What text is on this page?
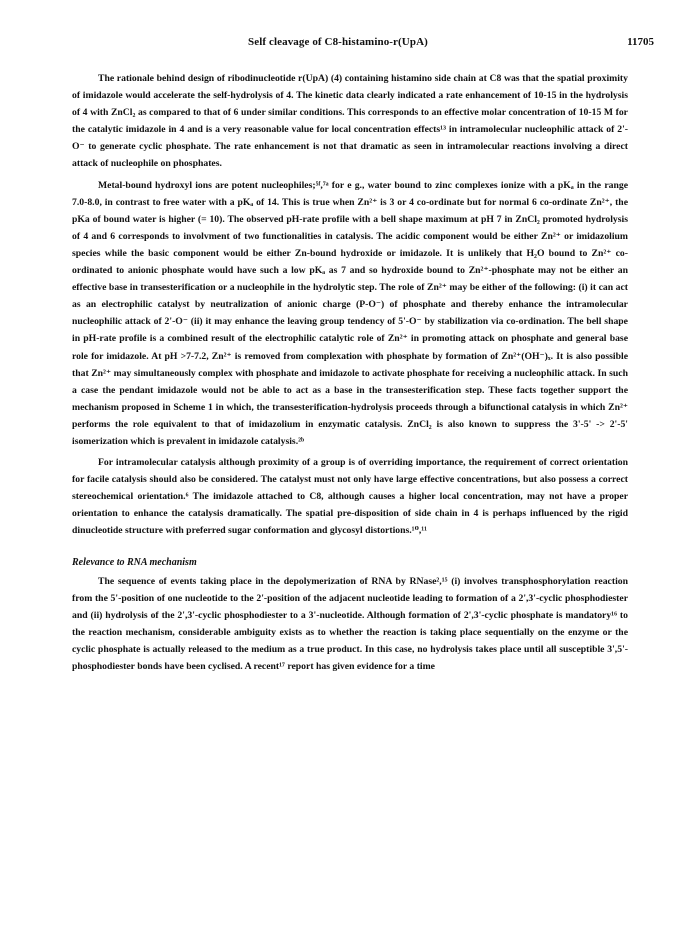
Self cleavage of C8-histamino-r(UpA)	11705

The rationale behind design of ribodinucleotide r(UpA) (4) containing histamino side chain at C8 was that the spatial proximity of imidazole would accelerate the self-hydrolysis of 4. The kinetic data clearly indicated a rate enhancement of 10-15 in the hydrolysis of 4 with ZnCl₂ as compared to that of 6 under similar conditions. This corresponds to an effective molar concentration of 10-15 M for the catalytic imidazole in 4 and is a very reasonable value for local concentration effects¹³ in intramolecular nucleophilic attack of 2'-O⁻ to generate cyclic phosphate. The rate enhancement is not that dramatic as seen in intramolecular reactions involving a direct attack of nucleophile on phosphates.

Metal-bound hydroxyl ions are potent nucleophiles;⁵ᶠ,⁷ᵃ for e g., water bound to zinc complexes ionize with a pKₐ in the range 7.0-8.0, in contrast to free water with a pKₐ of 14. This is true when Zn²⁺ is 3 or 4 co-ordinate but for normal 6 co-ordinate Zn²⁺, the pKa of bound water is higher (= 10). The observed pH-rate profile with a bell shape maximum at pH 7 in ZnCl₂ promoted hydrolysis of 4 and 6 corresponds to involvment of two functionalities in catalysis. The acidic component would be either Zn²⁺ or imidazolium species while the basic component would be either Zn-bound hydroxide or imidazole. It is unlikely that H₂O bound to Zn²⁺ co-ordinated to anionic phosphate would have such a low pKₐ as 7 and so hydroxide bound to Zn²⁺-phosphate may not be either an effective base in transesterification or a nucleophile in the hydrolytic step. The role of Zn²⁺ may be either of the following: (i) it can act as an electrophilic catalyst by neutralization of anionic charge (P-O⁻) of phosphate and thereby enhance the intramolecular nucleophilic attack of 2'-O⁻ (ii) it may enhance the leaving group tendency of 5'-O⁻ by stabilization via co-ordination. The bell shape in pH-rate profile is a combined result of the electrophilic catalytic role of Zn²⁺ in promoting attack on phosphate and general base role for imidazole. At pH >7-7.2, Zn²⁺ is removed from complexation with phosphate by formation of Zn²⁺(OH⁻)ₓ. It is also possible that Zn²⁺ may simultaneously complex with phosphate and imidazole to activate phosphate for receiving a nucleophilic attack. In such a case the pendant imidazole would not be able to act as a base in the transesterification step. These facts together support the mechanism proposed in Scheme 1 in which, the transesterification-hydrolysis proceeds through a bifunctional catalysis in which Zn²⁺ performs the role equivalent to that of imidazolium in enzymatic catalysis. ZnCl₂ is also known to suppress the 3'-5' -> 2'-5' isomerization which is prevalent in imidazole catalysis.²ᵇ

For intramolecular catalysis although proximity of a group is of overriding importance, the requirement of correct orientation for facile catalysis should also be considered. The catalyst must not only have large effective concentrations, but also possess a correct stereochemical orientation.⁶ The imidazole attached to C8, although causes a higher local concentration, may not have a proper orientation to enhance the catalysis dramatically. The spatial pre-disposition of side chain in 4 is perhaps influenced by the rigid dinucleotide structure with preferred sugar conformation and glycosyl distortions.¹⁰,¹¹

Relevance to RNA mechanism

The sequence of events taking place in the depolymerization of RNA by RNase²,¹⁵ (i) involves transphosphorylation reaction from the 5'-position of one nucleotide to the 2'-position of the adjacent nucleotide leading to formation of a 2',3'-cyclic phosphodiester and (ii) hydrolysis of the 2',3'-cyclic phosphodiester to a 3'-nucleotide. Although formation of 2',3'-cyclic phosphate is mandatory¹⁶ to the reaction mechanism, considerable ambiguity exists as to whether the reaction is taking place sequentially on the enzyme or the cyclic phosphate is actually released to the medium as a true product. In this case, no hydrolysis takes place until all susceptible 3',5'-phosphodiester bonds have been cyclised. A recent¹⁷ report has given evidence for a time
